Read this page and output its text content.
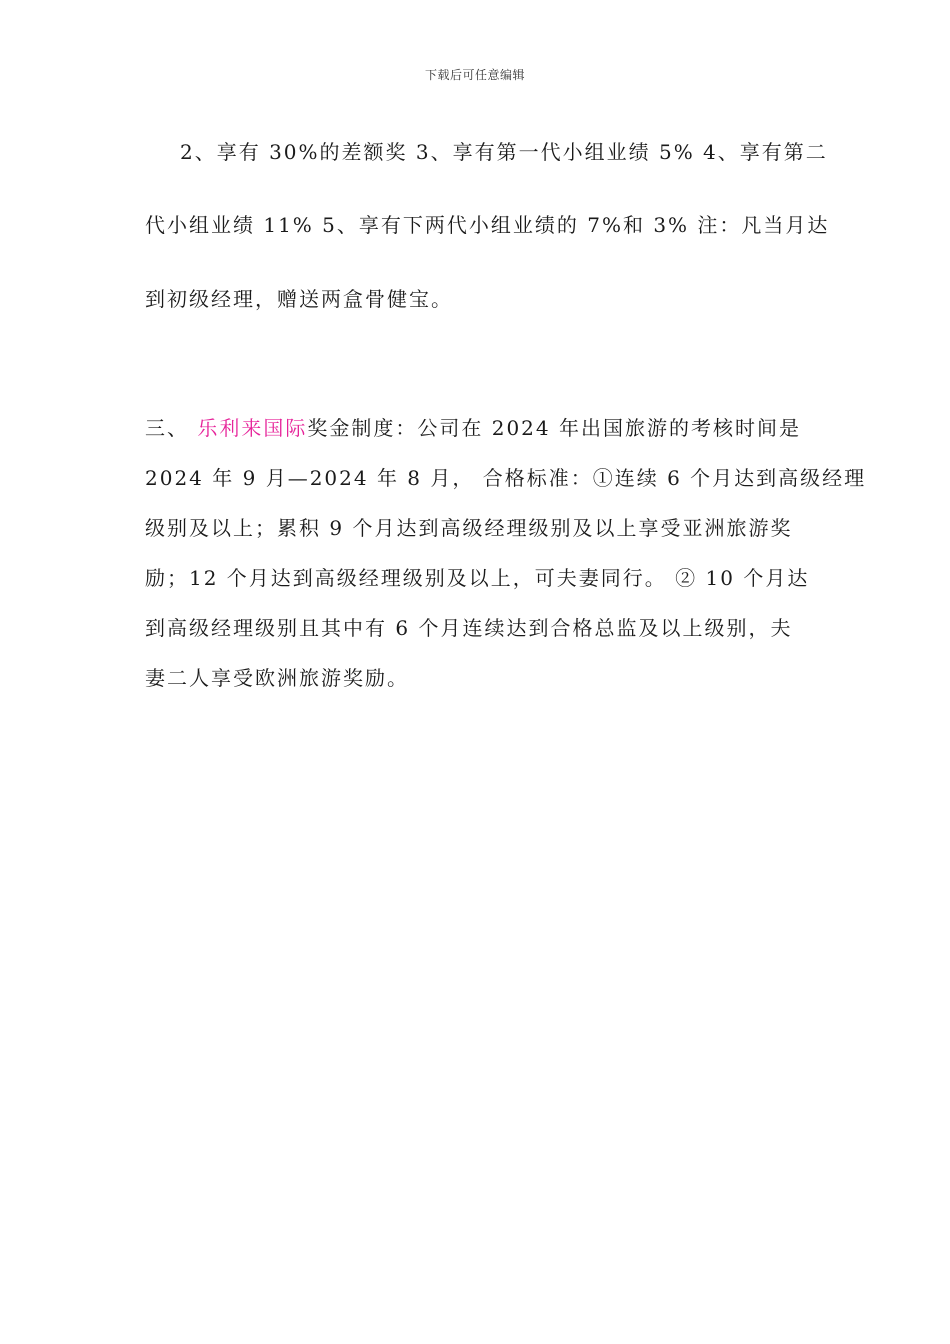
下载后可任意编辑
2、享有 30%的差额奖 3、享有第一代小组业绩 5% 4、享有第二
代小组业绩 11% 5、享有下两代小组业绩的 7%和 3% 注：凡当月达
到初级经理，赠送两盒骨健宝。
三、 乐利来国际奖金制度：公司在 2024 年出国旅游的考核时间是
2024 年 9 月—2024 年 8 月， 合格标准：①连续 6 个月达到高级经理
级别及以上；累积 9 个月达到高级经理级别及以上享受亚洲旅游奖
励；12 个月达到高级经理级别及以上，可夫妻同行。 ② 10 个月达
到高级经理级别且其中有 6 个月连续达到合格总监及以上级别，夫
妻二人享受欧洲旅游奖励。
